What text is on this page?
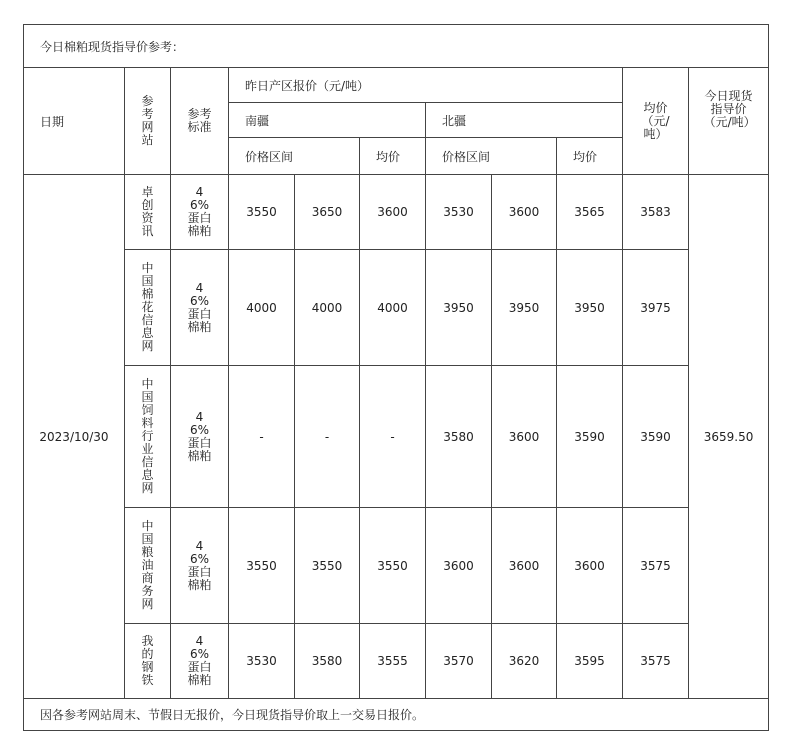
今日棉粕现货指导价参考：										
日期	参考网站	参考标准	昨日产区报价（元/吨）						均价（元/吨）	今日现货指导价（元/吨）
			南疆			北疆				
			价格区间		均价	价格区间		均价		
2023/10/30	卓创资讯	46%蛋白棉粕	3550	3650	3600	3530	3600	3565	3583	3659.50
	中国棉花信息网	46%蛋白棉粕	4000	4000	4000	3950	3950	3950	3975	
	中国饲料行业信息网	46%蛋白棉粕	-	-	-	3580	3600	3590	3590	
	中国粮油商务网	46%蛋白棉粕	3550	3550	3550	3600	3600	3600	3575	
	我的钢铁	46%蛋白棉粕	3530	3580	3555	3570	3620	3595	3575	
因各参考网站周末、节假日无报价，今日现货指导价取上一交易日报价。										
